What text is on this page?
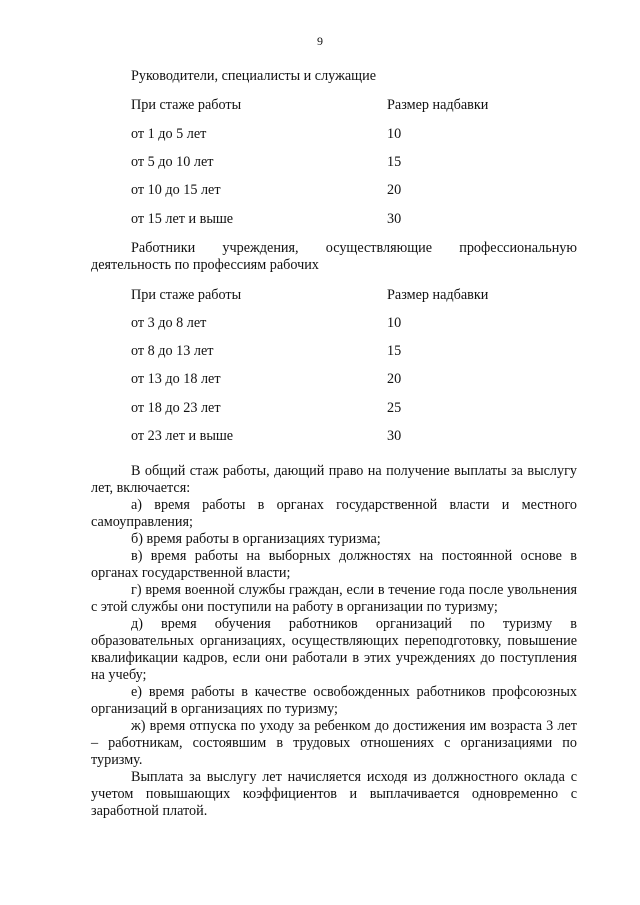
9
Руководители, специалисты и служащие
При стаже работы	Размер надбавки
от 1 до 5 лет	10
от 5 до 10 лет	15
от 10 до 15 лет	20
от 15 лет и выше	30

Работники учреждения, осуществляющие профессиональную

деятельность по профессиям рабочих
При стаже работы	Размер надбавки
от 3 до 8 лет	10
от 8 до 13 лет	15
от 13 до 18 лет	20
от 18 до 23 лет	25
от 23 лет и выше	30

В общий стаж работы, дающий право на получение выплаты за выслугу лет, включается:

а) время работы в органах государственной власти и местного самоуправления;

б) время работы в организациях туризма;

в) время работы на выборных должностях на постоянной основе в органах государственной власти;

г) время военной службы граждан, если в течение года после увольнения с этой службы они поступили на работу в организации по туризму;

д) время обучения работников организаций по туризму в образовательных организациях, осуществляющих переподготовку, повышение квалификации кадров, если они работали в этих учреждениях до поступления на учебу;

е) время работы в качестве освобожденных работников профсоюзных организаций в организациях по туризму;

ж) время отпуска по уходу за ребенком до достижения им возраста 3 лет – работникам, состоявшим в трудовых отношениях с организациями по туризму.

Выплата за выслугу лет начисляется исходя из должностного оклада с учетом повышающих коэффициентов и выплачивается одновременно с заработной платой.
